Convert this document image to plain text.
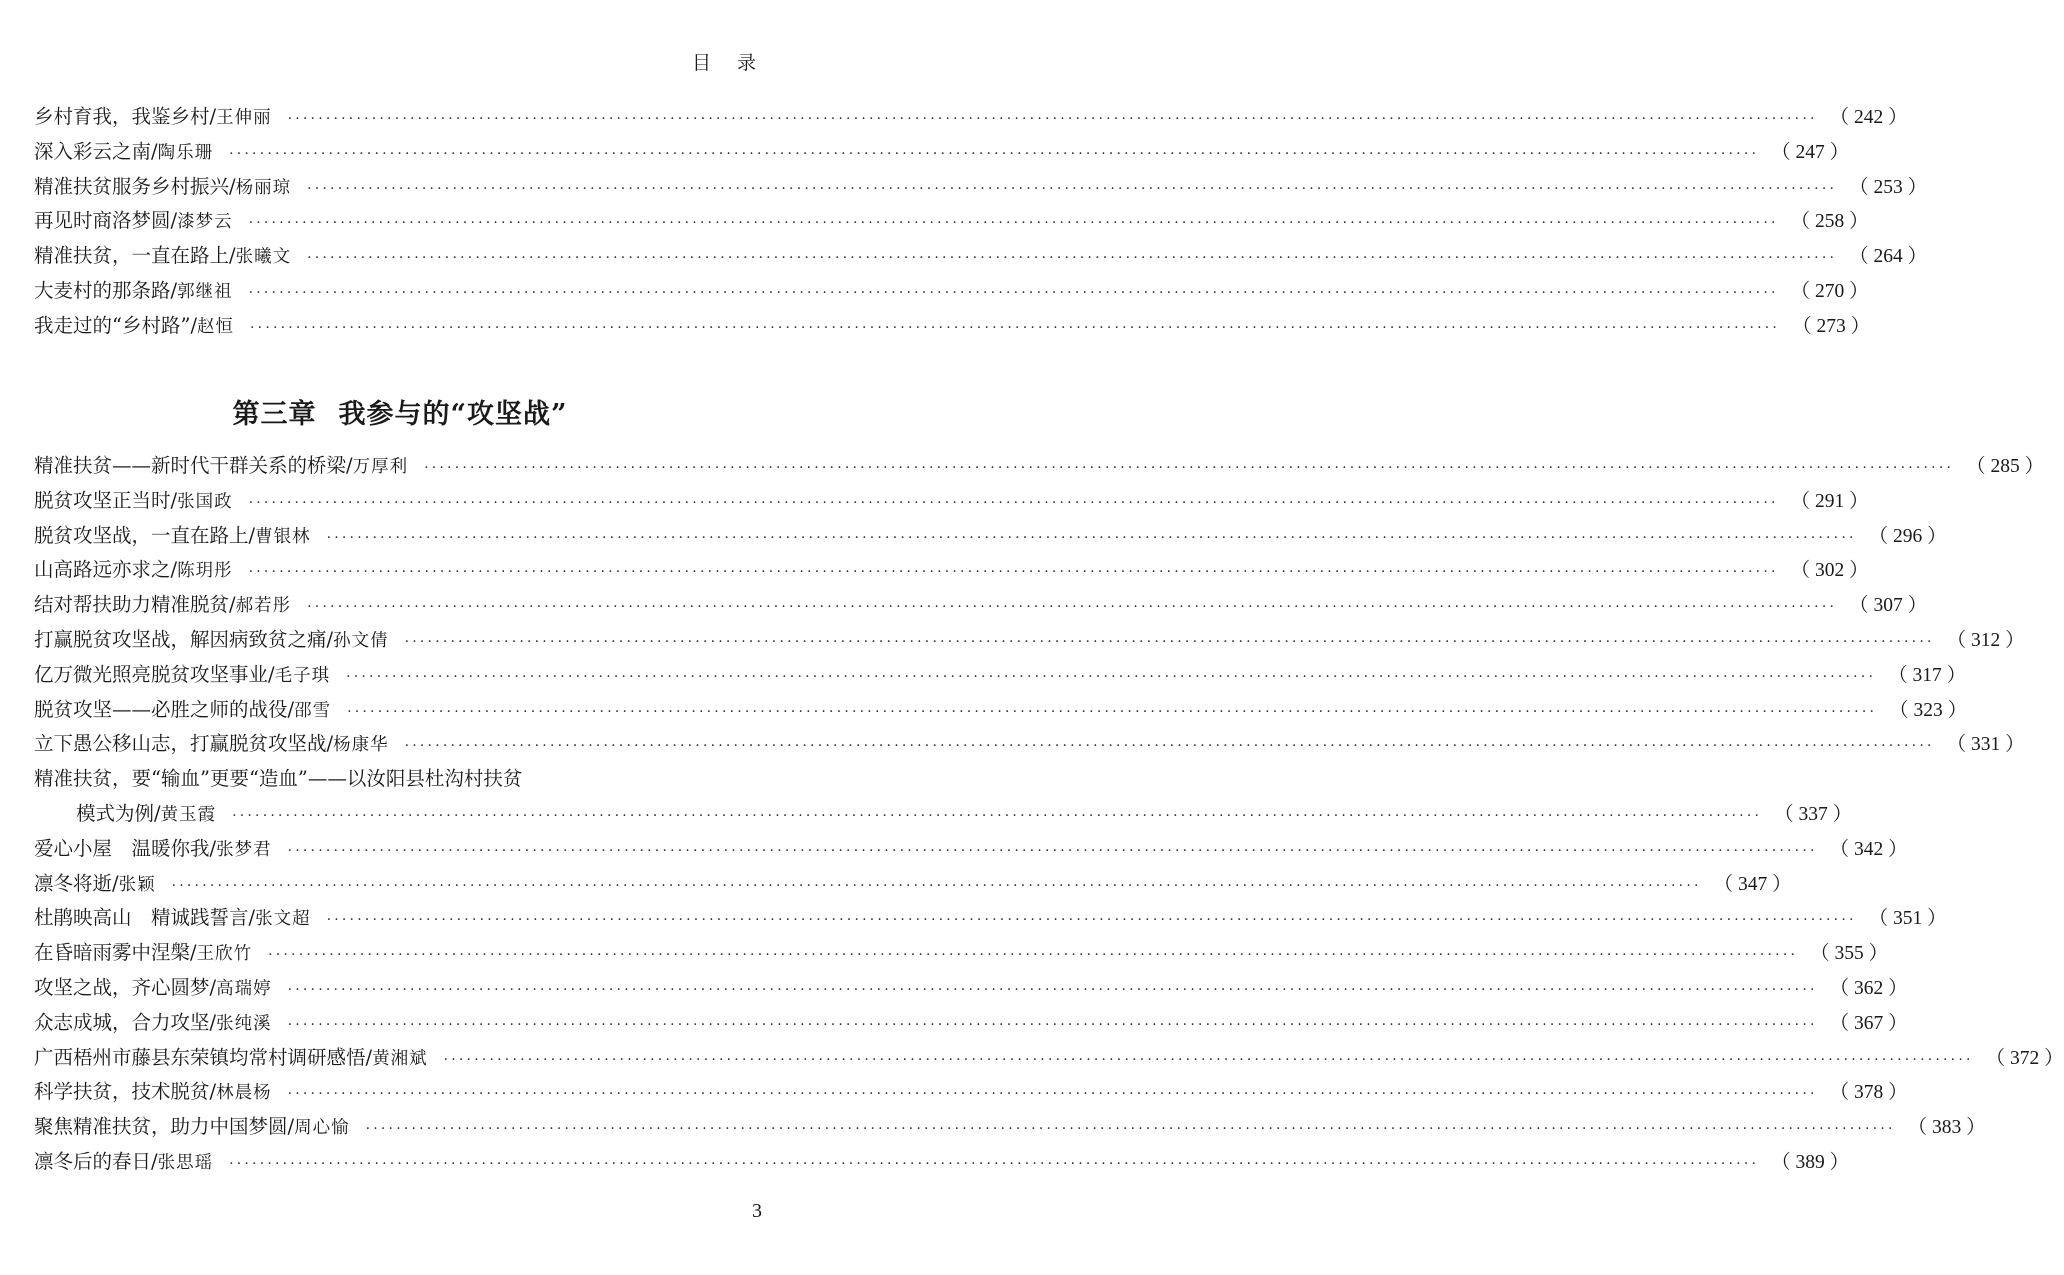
目 录
乡村育我，我鉴乡村 / 王伸丽 ········································································································································································································ （ 242 ）
深入彩云之南 / 陶乐珊 ········································································································································································································ （ 247 ）
精准扶贫服务乡村振兴 / 杨丽琼 ········································································································································································································ （ 253 ）
再见时商洛梦圆 / 漆梦云 ········································································································································································································ （ 258 ）
精准扶贫，一直在路上 / 张曦文 ········································································································································································································ （ 264 ）
大麦村的那条路 / 郭继祖 ········································································································································································································ （ 270 ）
我走过的“乡村路” / 赵恒 ········································································································································································································ （ 273 ）
第三章 我参与的“攻坚战”
精准扶贫——新时代干群关系的桥梁 / 万厚利 ········································································································································································································ （ 285 ）
脱贫攻坚正当时 / 张国政 ········································································································································································································ （ 291 ）
脱贫攻坚战，一直在路上 / 曹银林 ········································································································································································································ （ 296 ）
山高路远亦求之 / 陈玥彤 ········································································································································································································ （ 302 ）
结对帮扶助力精准脱贫 / 郝若彤 ········································································································································································································ （ 307 ）
打赢脱贫攻坚战，解因病致贫之痛 / 孙文倩 ········································································································································································································ （ 312 ）
亿万微光照亮脱贫攻坚事业 / 毛子琪 ········································································································································································································ （ 317 ）
脱贫攻坚——必胜之师的战役 / 邵雪 ········································································································································································································ （ 323 ）
立下愚公移山志，打赢脱贫攻坚战 / 杨康华 ········································································································································································································ （ 331 ）
精准扶贫，要“输血”更要“造血”——以汝阳县杜沟村扶贫
模式为例 / 黄玉霞 ········································································································································································································ （ 337 ）
爱心小屋　温暖你我 / 张梦君 ········································································································································································································ （ 342 ）
凛冬将逝 / 张颖 ········································································································································································································ （ 347 ）
杜鹃映高山　精诚践誓言 / 张文超 ········································································································································································································ （ 351 ）
在昏暗雨雾中涅槃 / 王欣竹 ········································································································································································································ （ 355 ）
攻坚之战，齐心圆梦 / 高瑞婷 ········································································································································································································ （ 362 ）
众志成城，合力攻坚 / 张纯溪 ········································································································································································································ （ 367 ）
广西梧州市藤县东荣镇均常村调研感悟 / 黄湘斌 ········································································································································································································ （ 372 ）
科学扶贫，技术脱贫 / 林晨杨 ········································································································································································································ （ 378 ）
聚焦精准扶贫，助力中国梦圆 / 周心愉 ········································································································································································································ （ 383 ）
凛冬后的春日 / 张思瑶 ········································································································································································································ （ 389 ）
3
